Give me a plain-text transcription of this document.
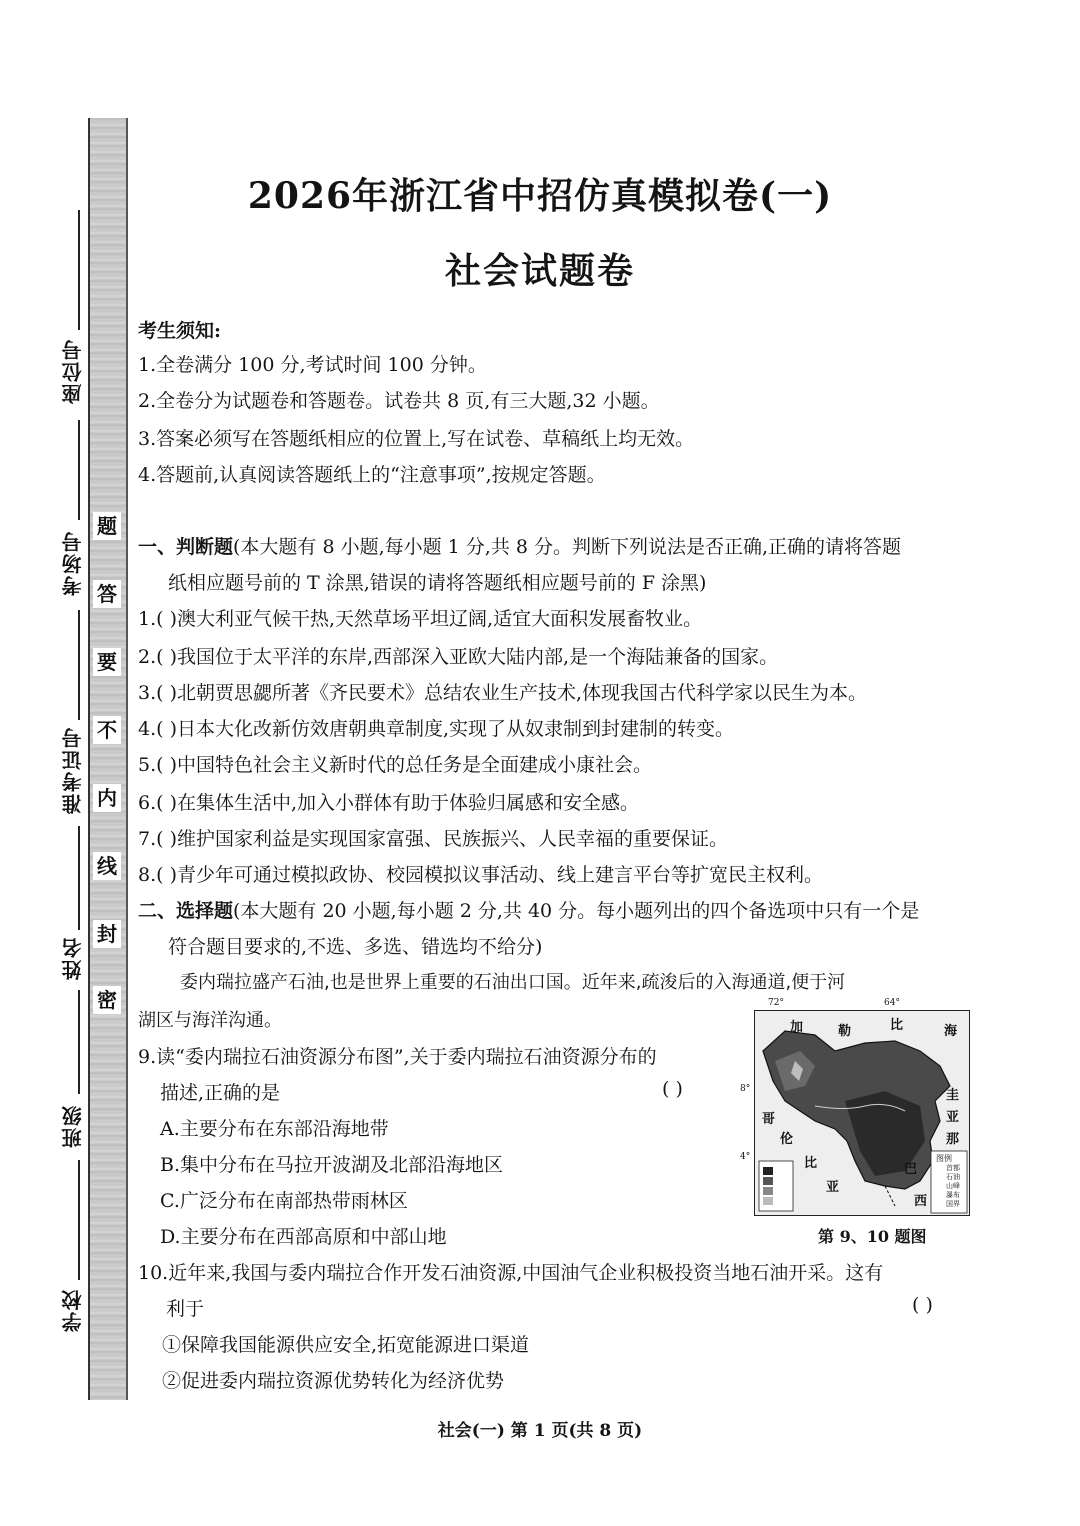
题
答
要
不
内
线
封
密
座位号
考场号
准考证号
姓名
班级
学校
2026年浙江省中招仿真模拟卷(一)
社会试题卷
考生须知:
1.全卷满分 100 分,考试时间 100 分钟。
2.全卷分为试题卷和答题卷。试卷共 8 页,有三大题,32 小题。
3.答案必须写在答题纸相应的位置上,写在试卷、草稿纸上均无效。
4.答题前,认真阅读答题纸上的“注意事项”,按规定答题。
一、判断题(本大题有 8 小题,每小题 1 分,共 8 分。判断下列说法是否正确,正确的请将答题
纸相应题号前的 T 涂黑,错误的请将答题纸相应题号前的 F 涂黑)
1.( )澳大利亚气候干热,天然草场平坦辽阔,适宜大面积发展畜牧业。
2.( )我国位于太平洋的东岸,西部深入亚欧大陆内部,是一个海陆兼备的国家。
3.( )北朝贾思勰所著《齐民要术》总结农业生产技术,体现我国古代科学家以民生为本。
4.( )日本大化改新仿效唐朝典章制度,实现了从奴隶制到封建制的转变。
5.( )中国特色社会主义新时代的总任务是全面建成小康社会。
6.( )在集体生活中,加入小群体有助于体验归属感和安全感。
7.( )维护国家利益是实现国家富强、民族振兴、人民幸福的重要保证。
8.( )青少年可通过模拟政协、校园模拟议事活动、线上建言平台等扩宽民主权利。
二、选择题(本大题有 20 小题,每小题 2 分,共 40 分。每小题列出的四个备选项中只有一个是
符合题目要求的,不选、多选、错选均不给分)
委内瑞拉盛产石油,也是世界上重要的石油出口国。近年来,疏浚后的入海通道,便于河
湖区与海洋沟通。
9.读“委内瑞拉石油资源分布图”,关于委内瑞拉石油资源分布的
描述,正确的是	( )
A.主要分布在东部沿海地带
B.集中分布在马拉开波湖及北部沿海地区
C.广泛分布在南部热带雨林区
D.主要分布在西部高原和中部山地
72°	64°
8°
4°
加	勒	比	海
哥
伦
比
亚
圭
亚
那
巴
西
图例
首都
石油
山峰
瀑布
国界
第 9、10 题图
10.近年来,我国与委内瑞拉合作开发石油资源,中国油气企业积极投资当地石油开采。这有
利于	( )
①保障我国能源供应安全,拓宽能源进口渠道
②促进委内瑞拉资源优势转化为经济优势
社会(一) 第 1 页(共 8 页)
